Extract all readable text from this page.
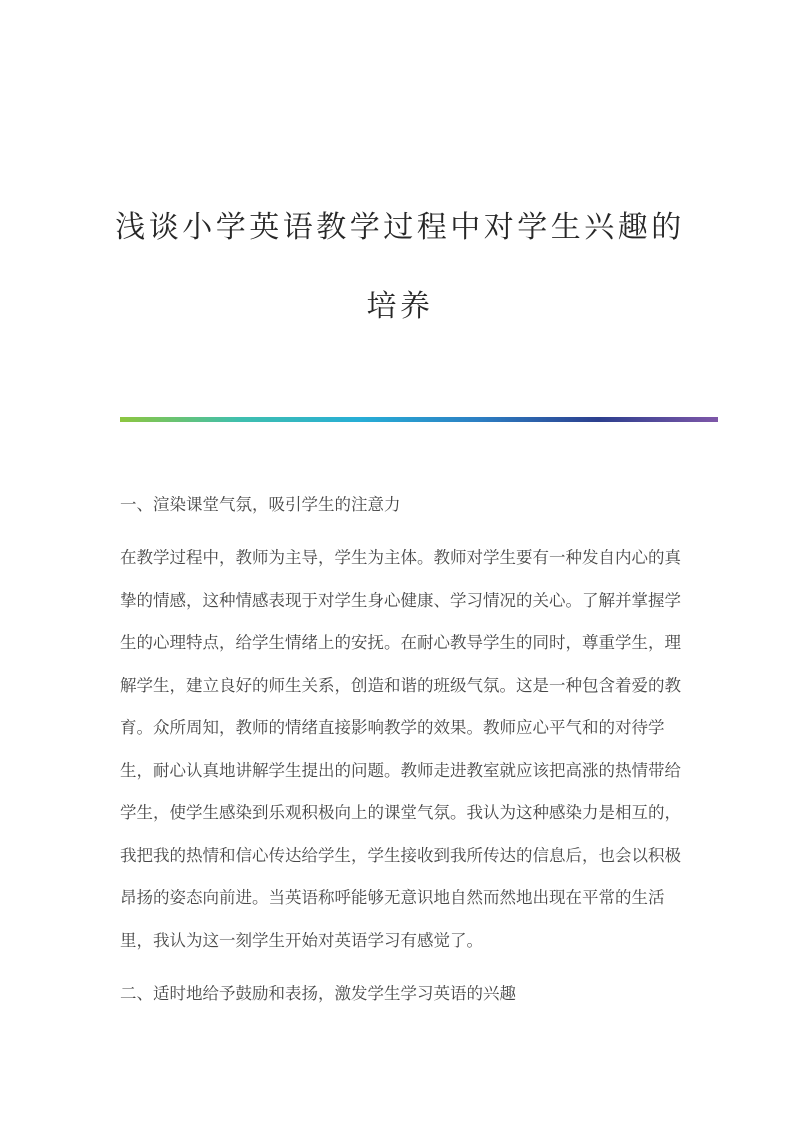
浅谈小学英语教学过程中对学生兴趣的
培养
一、渲染课堂气氛，吸引学生的注意力
在教学过程中，教师为主导，学生为主体。教师对学生要有一种发自内心的真
挚的情感，这种情感表现于对学生身心健康、学习情况的关心。了解并掌握学
生的心理特点，给学生情绪上的安抚。在耐心教导学生的同时，尊重学生，理
解学生，建立良好的师生关系，创造和谐的班级气氛。这是一种包含着爱的教
育。众所周知，教师的情绪直接影响教学的效果。教师应心平气和的对待学
生，耐心认真地讲解学生提出的问题。教师走进教室就应该把高涨的热情带给
学生，使学生感染到乐观积极向上的课堂气氛。我认为这种感染力是相互的，
我把我的热情和信心传达给学生，学生接收到我所传达的信息后，也会以积极
昂扬的姿态向前进。当英语称呼能够无意识地自然而然地出现在平常的生活
里，我认为这一刻学生开始对英语学习有感觉了。
二、适时地给予鼓励和表扬，激发学生学习英语的兴趣
